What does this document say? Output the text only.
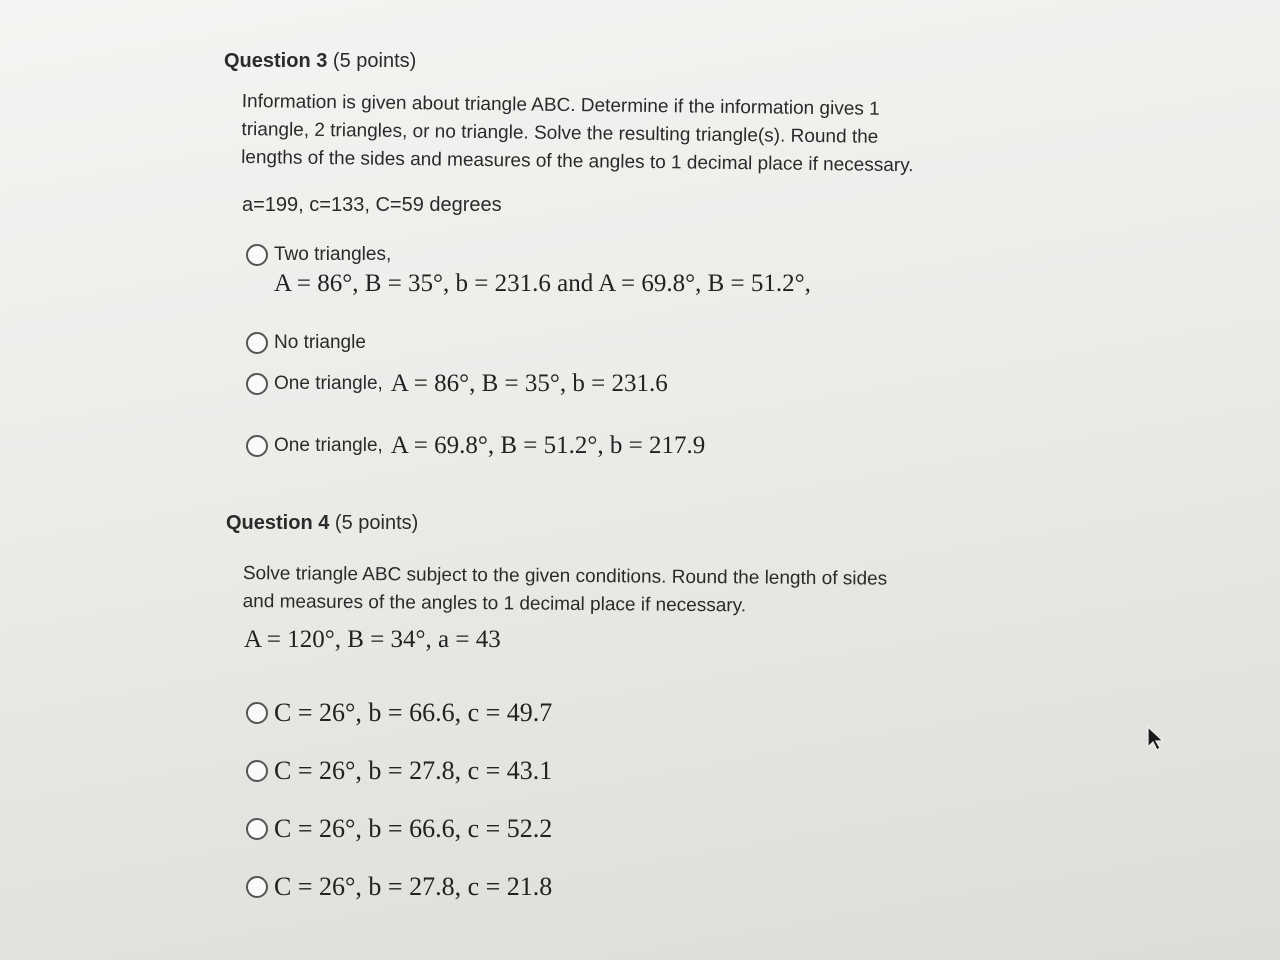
Question 3 (5 points)
Information is given about triangle ABC. Determine if the information gives 1
triangle, 2 triangles, or no triangle. Solve the resulting triangle(s). Round the
lengths of the sides and measures of the angles to 1 decimal place if necessary.
a=199, c=133, C=59 degrees
Two triangles,
A = 86°, B = 35°, b = 231.6 and A = 69.8°, B = 51.2°,
No triangle
One triangle, A = 86°, B = 35°, b = 231.6
One triangle, A = 69.8°, B = 51.2°, b = 217.9
Question 4 (5 points)
Solve triangle ABC subject to the given conditions. Round the length of sides
and measures of the angles to 1 decimal place if necessary.
A = 120°, B = 34°, a = 43
C = 26°, b = 66.6, c = 49.7
C = 26°, b = 27.8, c = 43.1
C = 26°, b = 66.6, c = 52.2
C = 26°, b = 27.8, c = 21.8
